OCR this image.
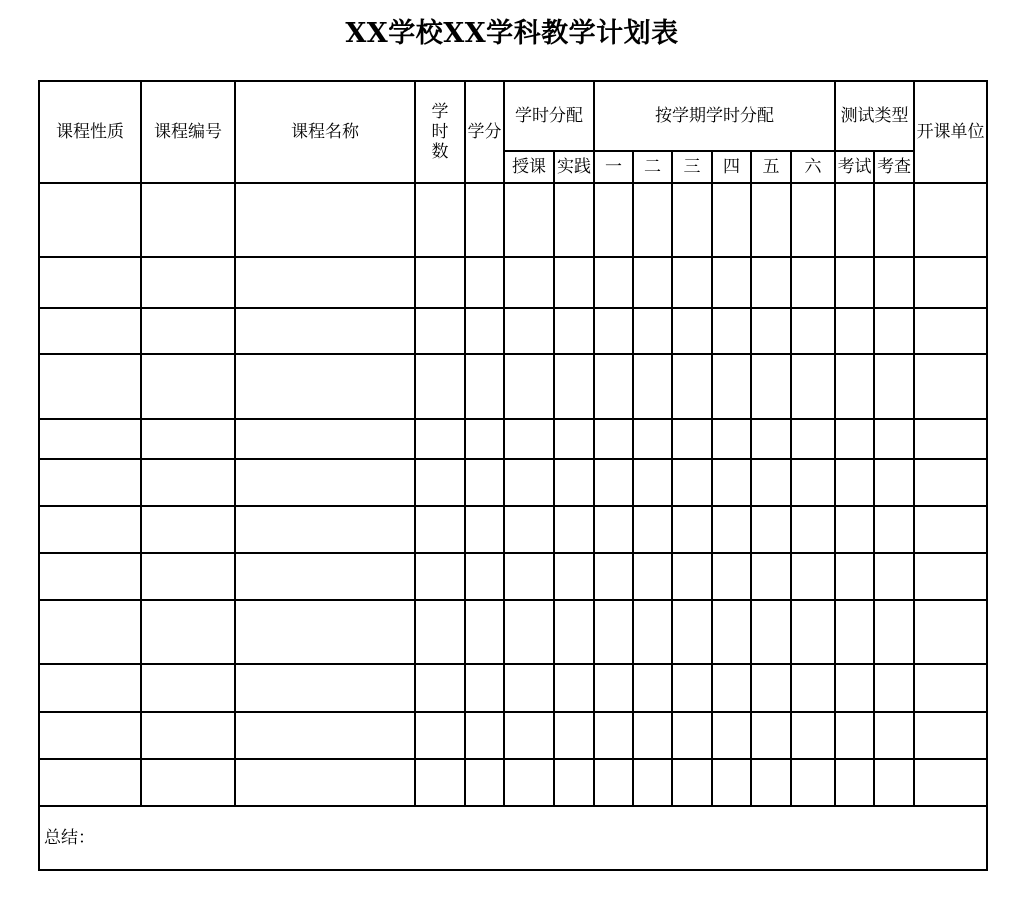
XX学校XX学科教学计划表
课程性质	课程编号	课程名称	学时数	学分	学时分配		按学期学时分配						测试类型		开课单位
					授课	实践	一	二	三	四	五	六	考试	考查	

总结：															
